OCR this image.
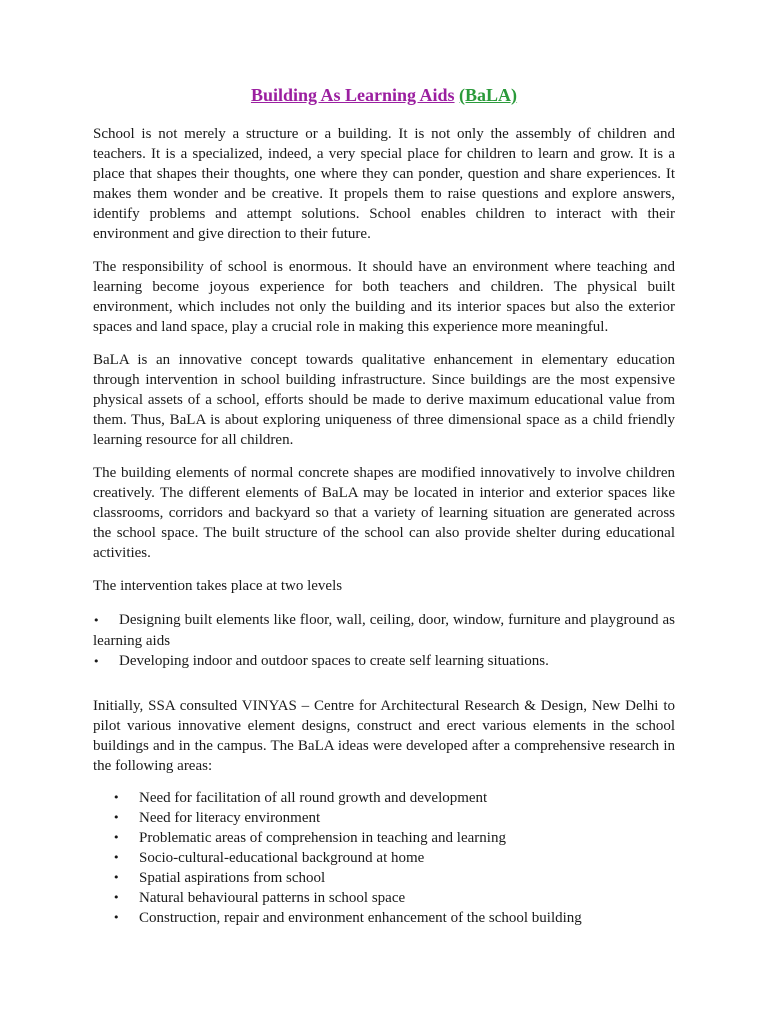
Building As Learning Aids (BaLA)

School is not merely a structure or a building. It is not only the assembly of children and teachers. It is a specialized, indeed, a very special place for children to learn and grow. It is a place that shapes their thoughts, one where they can ponder, question and share experiences. It makes them wonder and be creative. It propels them to raise questions and explore answers, identify problems and attempt solutions. School enables children to interact with their environment and give direction to their future.

The responsibility of school is enormous. It should have an environment where teaching and learning become joyous experience for both teachers and children. The physical built environment, which includes not only the building and its interior spaces but also the exterior spaces and land space, play a crucial role in making this experience more meaningful.

BaLA is an innovative concept towards qualitative enhancement in elementary education through intervention in school building infrastructure. Since buildings are the most expensive physical assets of a school, efforts should be made to derive maximum educational value from them. Thus, BaLA is about exploring uniqueness of three dimensional space as a child friendly learning resource for all children.

The building elements of normal concrete shapes are modified innovatively to involve children creatively. The different elements of BaLA may be located in interior and exterior spaces like classrooms, corridors and backyard so that a variety of learning situation are generated across the school space. The built structure of the school can also provide shelter during educational activities.

The intervention takes place at two levels

• Designing built elements like floor, wall, ceiling, door, window, furniture and playground as learning aids
• Developing indoor and outdoor spaces to create self learning situations.

Initially, SSA consulted VINYAS – Centre for Architectural Research & Design, New Delhi to pilot various innovative element designs, construct and erect various elements in the school buildings and in the campus. The BaLA ideas were developed after a comprehensive research in the following areas:

• Need for facilitation of all round growth and development
• Need for literacy environment
• Problematic areas of comprehension in teaching and learning
• Socio-cultural-educational background at home
• Spatial aspirations from school
• Natural behavioural patterns in school space
• Construction, repair and environment enhancement of the school building
